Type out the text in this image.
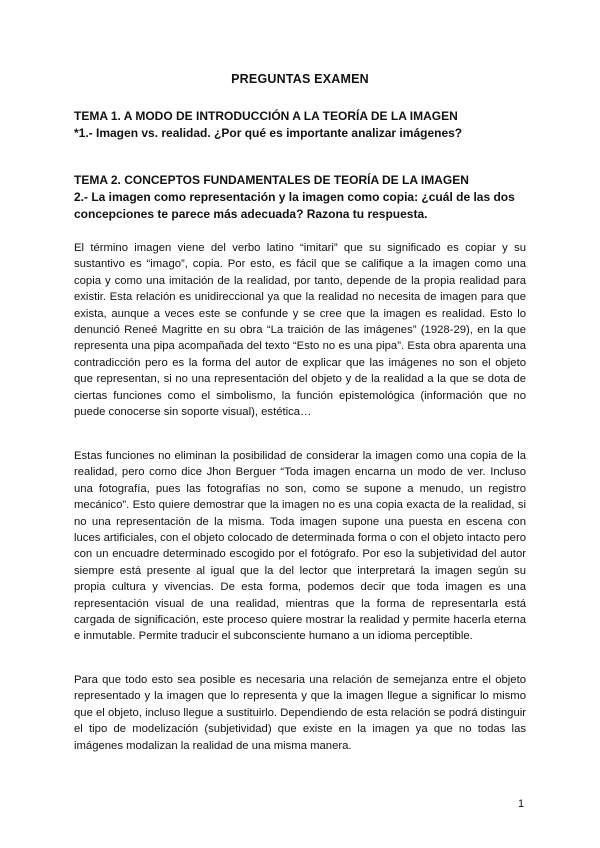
PREGUNTAS EXAMEN
TEMA 1. A MODO DE INTRODUCCIÓN A LA TEORÍA DE LA IMAGEN
*1.- Imagen vs. realidad. ¿Por qué es importante analizar imágenes?
TEMA 2. CONCEPTOS FUNDAMENTALES DE TEORÍA DE LA IMAGEN
2.- La imagen como representación y la imagen como copia: ¿cuál de las dos concepciones te parece más adecuada? Razona tu respuesta.
El término imagen viene del verbo latino “imitari” que su significado es copiar y su sustantivo es “imago”, copia. Por esto, es fácil que se califique a la imagen como una copia y como una imitación de la realidad, por tanto, depende de la propia realidad para existir. Esta relación es unidireccional ya que la realidad no necesita de imagen para que exista, aunque a veces este se confunde y se cree que la imagen es realidad. Esto lo denunció Reneé Magritte en su obra “La traición de las imágenes” (1928-29), en la que representa una pipa acompañada del texto “Esto no es una pipa”. Esta obra aparenta una contradicción pero es la forma del autor de explicar que las imágenes no son el objeto que representan, si no una representación del objeto y de la realidad a la que se dota de ciertas funciones como el simbolismo, la función epistemológica (información que no puede conocerse sin soporte visual), estética…
Estas funciones no eliminan la posibilidad de considerar la imagen como una copia de la realidad, pero como dice Jhon Berguer “Toda imagen encarna un modo de ver. Incluso una fotografía, pues las fotografías no son, como se supone a menudo, un registro mecánico”. Esto quiere demostrar que la imagen no es una copia exacta de la realidad, si no una representación de la misma. Toda imagen supone una puesta en escena con luces artificiales, con el objeto colocado de determinada forma o con el objeto intacto pero con un encuadre determinado escogido por el fotógrafo. Por eso la subjetividad del autor siempre está presente al igual que la del lector que interpretará la imagen según su propia cultura y vivencias. De esta forma, podemos decir que toda imagen es una representación visual de una realidad, mientras que la forma de representarla está cargada de significación, este proceso quiere mostrar la realidad y permite hacerla eterna e inmutable. Permite traducir el subconsciente humano a un idioma perceptible.
Para que todo esto sea posible es necesaria una relación de semejanza entre el objeto representado y la imagen que lo representa y que la imagen llegue a significar lo mismo que el objeto, incluso llegue a sustituirlo. Dependiendo de esta relación se podrá distinguir el tipo de modelización (subjetividad) que existe en la imagen ya que no todas las imágenes modalizan la realidad de una misma manera.
1
